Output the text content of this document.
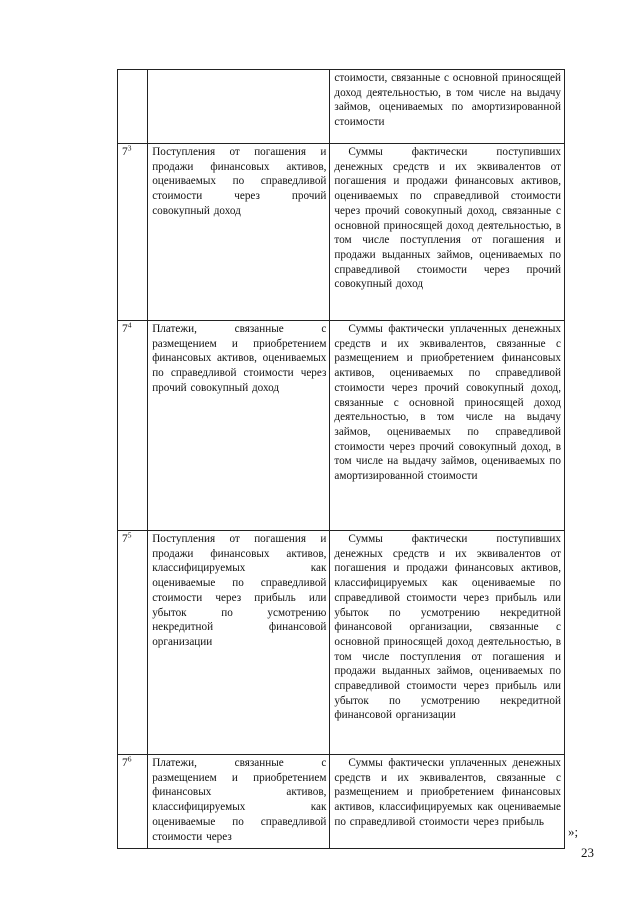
		стоимости, связанные с основной приносящей доход деятельностью, в том числе на выдачу займов, оцениваемых по амортизированной стоимости

$7^3$	Поступления от погашения и продажи финансовых активов, оцениваемых по справедливой стоимости через прочий совокупный доход	Суммы фактически поступивших денежных средств и их эквивалентов от погашения и продажи финансовых активов, оцениваемых по справедливой стоимости через прочий совокупный доход, связанные с основной приносящей доход деятельностью, в том числе поступления от погашения и продажи выданных займов, оцениваемых по справедливой стоимости через прочий совокупный доход

$7^4$	Платежи, связанные с размещением и приобретением финансовых активов, оцениваемых по справедливой стоимости через прочий совокупный доход	Суммы фактически уплаченных денежных средств и их эквивалентов, связанные с размещением и приобретением финансовых активов, оцениваемых по справедливой стоимости через прочий совокупный доход, связанные с основной приносящей доход деятельностью, в том числе на выдачу займов, оцениваемых по справедливой стоимости через прочий совокупный доход, в том числе на выдачу займов, оцениваемых по амортизированной стоимости

$7^5$	Поступления от погашения и продажи финансовых активов, классифицируемых как оцениваемые по справедливой стоимости через прибыль или убыток по усмотрению некредитной финансовой организации	Суммы фактически поступивших денежных средств и их эквивалентов от погашения и продажи финансовых активов, классифицируемых как оцениваемые по справедливой стоимости через прибыль или убыток по усмотрению некредитной финансовой организации, связанные с основной приносящей доход деятельностью, в том числе поступления от погашения и продажи выданных займов, оцениваемых по справедливой стоимости через прибыль или убыток по усмотрению некредитной финансовой организации

$7^6$	Платежи, связанные с размещением и приобретением финансовых активов, классифицируемых как оцениваемые по справедливой стоимости через	Суммы фактически уплаченных денежных средств и их эквивалентов, связанные с размещением и приобретением финансовых активов, классифицируемых как оцениваемые по справедливой стоимости через прибыль
»;
23
